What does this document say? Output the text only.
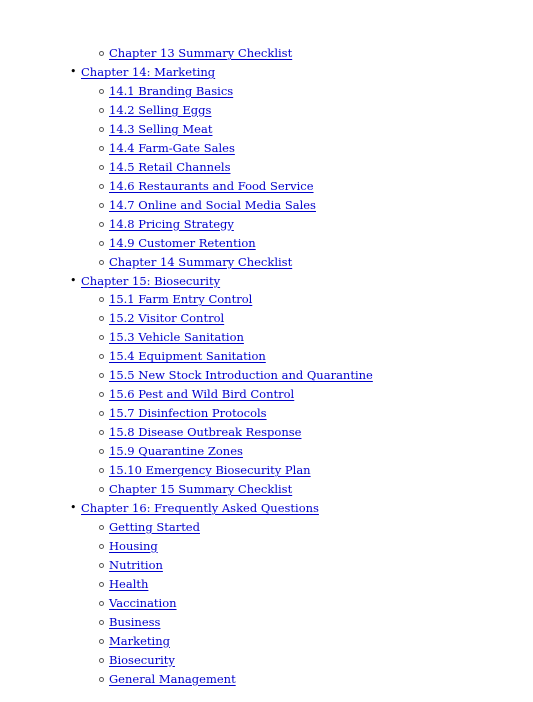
Chapter 13 Summary Checklist
• Chapter 14: Marketing
14.1 Branding Basics
14.2 Selling Eggs
14.3 Selling Meat
14.4 Farm-Gate Sales
14.5 Retail Channels
14.6 Restaurants and Food Service
14.7 Online and Social Media Sales
14.8 Pricing Strategy
14.9 Customer Retention
Chapter 14 Summary Checklist
• Chapter 15: Biosecurity
15.1 Farm Entry Control
15.2 Visitor Control
15.3 Vehicle Sanitation
15.4 Equipment Sanitation
15.5 New Stock Introduction and Quarantine
15.6 Pest and Wild Bird Control
15.7 Disinfection Protocols
15.8 Disease Outbreak Response
15.9 Quarantine Zones
15.10 Emergency Biosecurity Plan
Chapter 15 Summary Checklist
• Chapter 16: Frequently Asked Questions
Getting Started
Housing
Nutrition
Health
Vaccination
Business
Marketing
Biosecurity
General Management
